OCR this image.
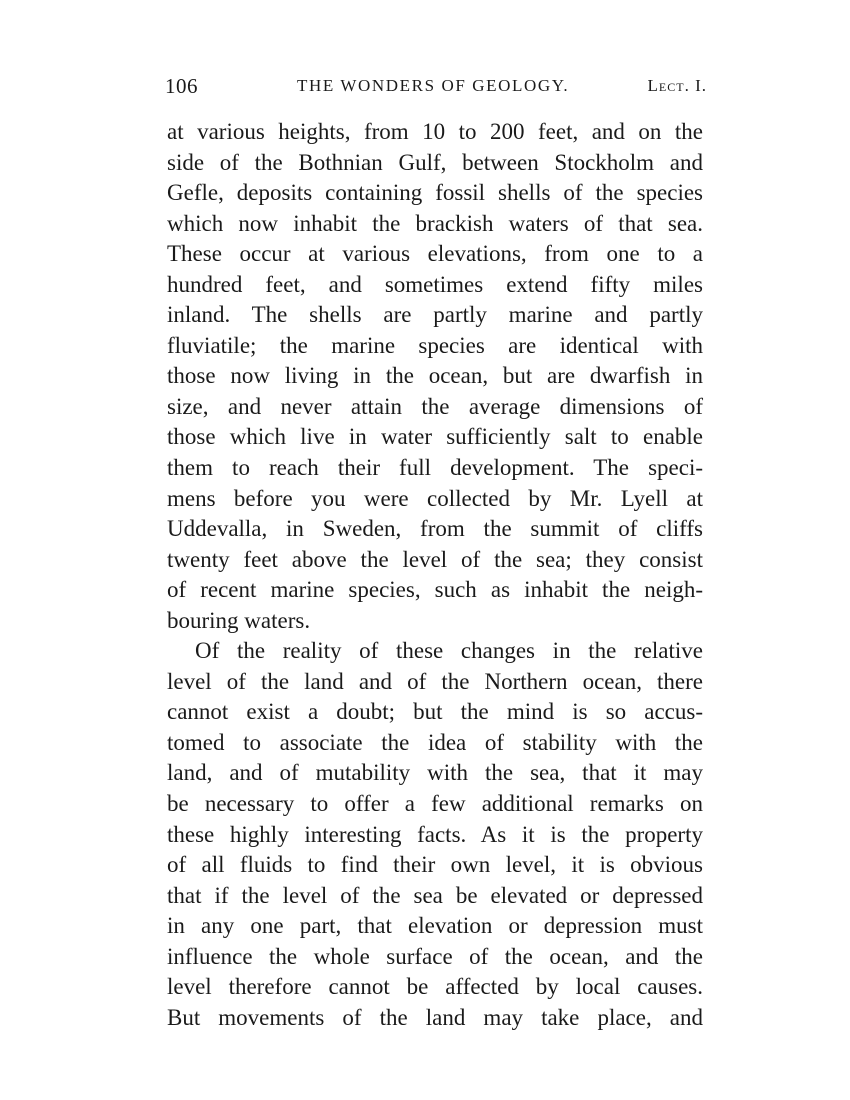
106	THE WONDERS OF GEOLOGY.	Lect. I.
at various heights, from 10 to 200 feet, and on the
side of the Bothnian Gulf, between Stockholm and
Gefle, deposits containing fossil shells of the species
which now inhabit the brackish waters of that sea.
These occur at various elevations, from one to a
hundred feet, and sometimes extend fifty miles
inland. The shells are partly marine and partly
fluviatile; the marine species are identical with
those now living in the ocean, but are dwarfish in
size, and never attain the average dimensions of
those which live in water sufficiently salt to enable
them to reach their full development. The speci-
mens before you were collected by Mr. Lyell at
Uddevalla, in Sweden, from the summit of cliffs
twenty feet above the level of the sea; they consist
of recent marine species, such as inhabit the neigh-
bouring waters.
Of the reality of these changes in the relative
level of the land and of the Northern ocean, there
cannot exist a doubt; but the mind is so accus-
tomed to associate the idea of stability with the
land, and of mutability with the sea, that it may
be necessary to offer a few additional remarks on
these highly interesting facts. As it is the property
of all fluids to find their own level, it is obvious
that if the level of the sea be elevated or depressed
in any one part, that elevation or depression must
influence the whole surface of the ocean, and the
level therefore cannot be affected by local causes.
But movements of the land may take place, and
